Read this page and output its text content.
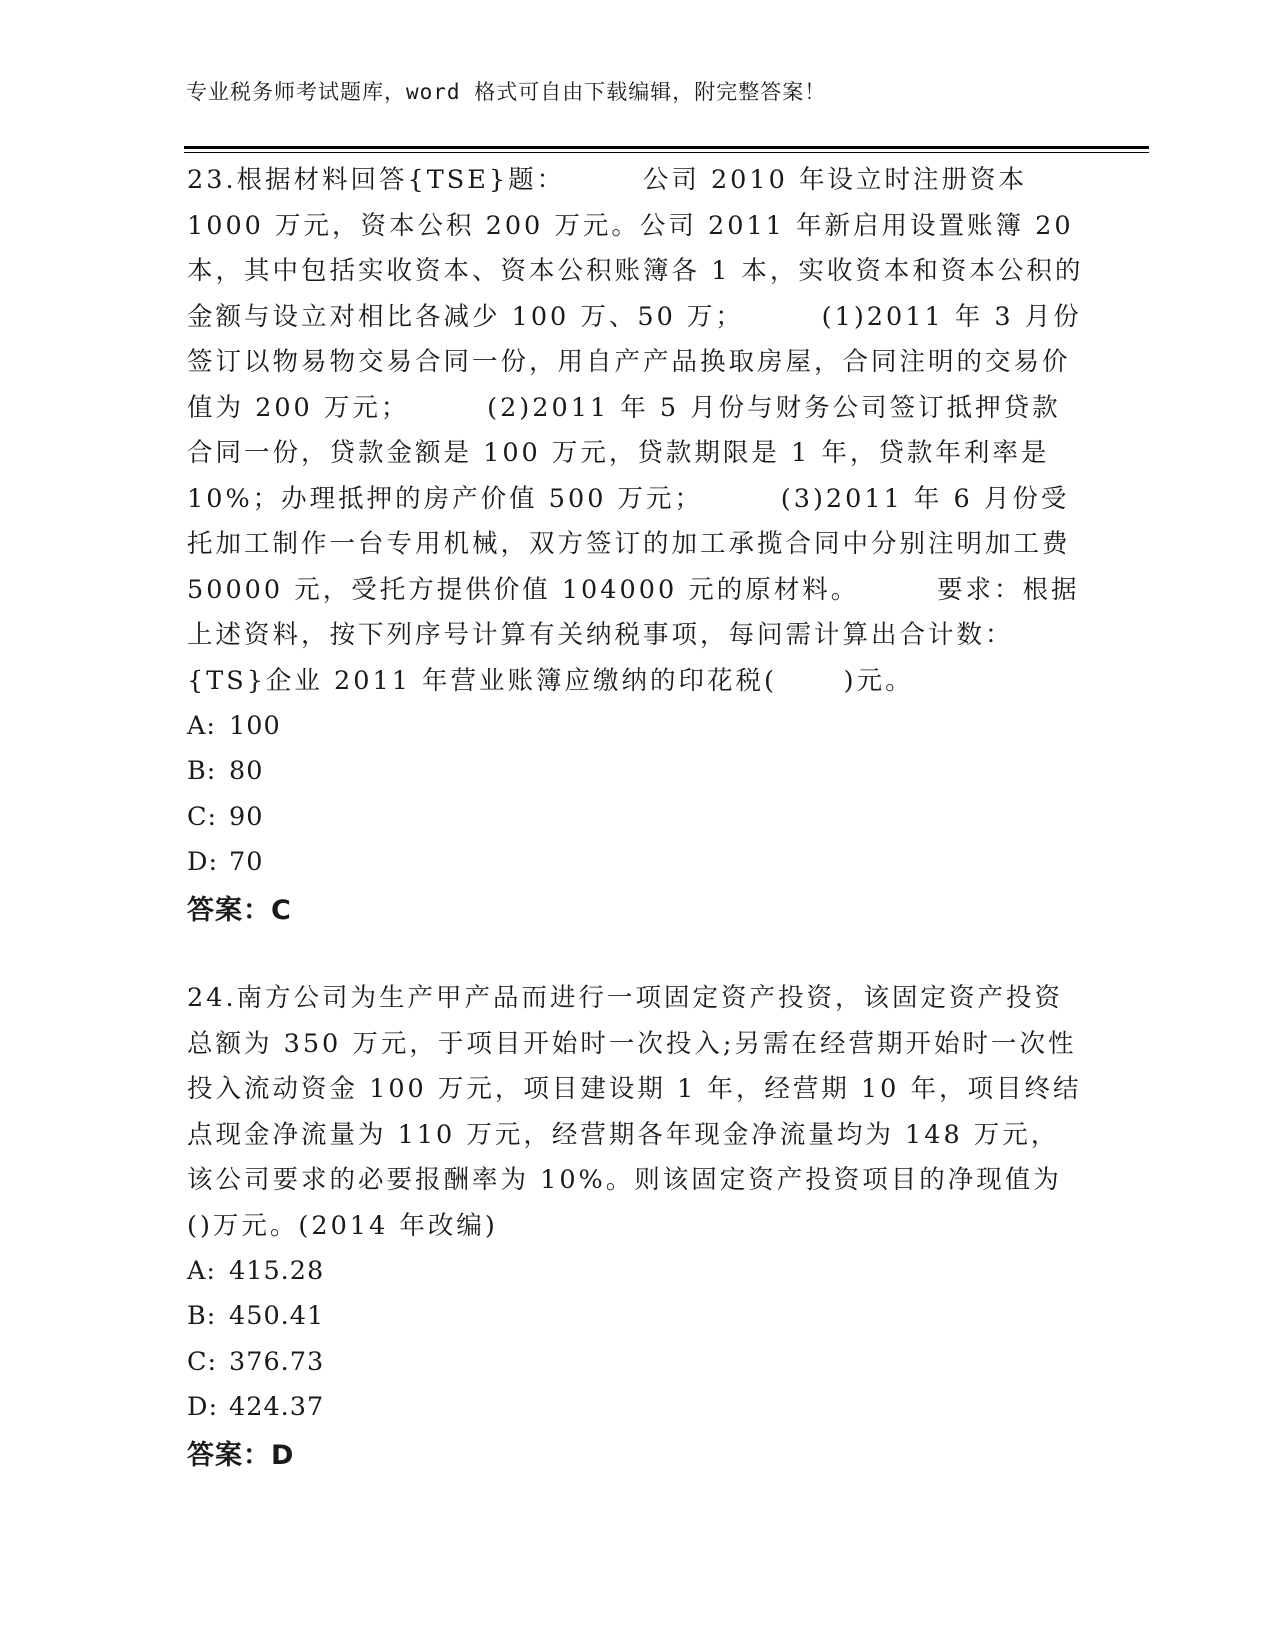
专业税务师考试题库，word 格式可自由下载编辑，附完整答案！
23.根据材料回答{TSE}题：       公司 2010 年设立时注册资本 1000 万元，资本公积 200 万元。公司 2011 年新启用设置账簿 20 本，其中包括实收资本、资本公积账簿各 1 本，实收资本和资本公积的金额与设立对相比各减少 100 万、50 万；       (1)2011 年 3 月份签订以物易物交易合同一份，用自产产品换取房屋，合同注明的交易价值为 200 万元；       (2)2011 年 5 月份与财务公司签订抵押贷款合同一份，贷款金额是 100 万元，贷款期限是 1 年，贷款年利率是 10%；办理抵押的房产价值 500 万元；       (3)2011 年 6 月份受托加工制作一台专用机械，双方签订的加工承揽合同中分别注明加工费 50000 元，受托方提供价值 104000 元的原材料。       要求：根据上述资料，按下列序号计算有关纳税事项，每问需计算出合计数：{TS}企业 2011 年营业账簿应缴纳的印花税(      )元。
A: 100
B: 80
C: 90
D: 70
答案：C
24.南方公司为生产甲产品而进行一项固定资产投资，该固定资产投资总额为 350 万元，于项目开始时一次投入;另需在经营期开始时一次性投入流动资金 100 万元，项目建设期 1 年，经营期 10 年，项目终结点现金净流量为 110 万元，经营期各年现金净流量均为 148 万元，该公司要求的必要报酬率为 10%。则该固定资产投资项目的净现值为()万元。(2014 年改编)
A: 415.28
B: 450.41
C: 376.73
D: 424.37
答案：D
